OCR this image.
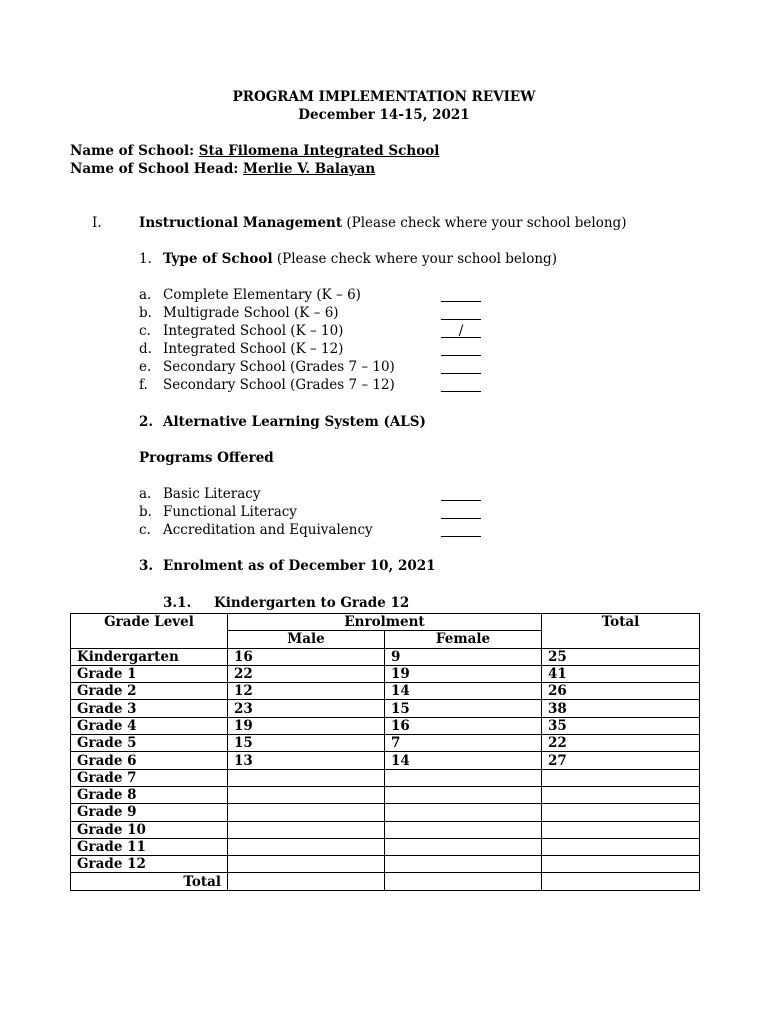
PROGRAM IMPLEMENTATION REVIEW
December 14-15, 2021
Name of School: Sta Filomena Integrated School
Name of School Head: Merlie V. Balayan
I.	Instructional Management (Please check where your school belong)
1. Type of School (Please check where your school belong)
a. Complete Elementary (K – 6)
b. Multigrade School (K – 6)
c. Integrated School (K – 10)	/
d. Integrated School (K – 12)
e. Secondary School (Grades 7 – 10)
f. Secondary School (Grades 7 – 12)
2. Alternative Learning System (ALS)
Programs Offered
a. Basic Literacy
b. Functional Literacy
c. Accreditation and Equivalency
3. Enrolment as of December 10, 2021
3.1. Kindergarten to Grade 12
Grade Level	Enrolment		Total
	Male	Female	
Kindergarten	16	9	25
Grade 1	22	19	41
Grade 2	12	14	26
Grade 3	23	15	38
Grade 4	19	16	35
Grade 5	15	7	22
Grade 6	13	14	27
Grade 7			
Grade 8			
Grade 9			
Grade 10			
Grade 11			
Grade 12			
Total			
